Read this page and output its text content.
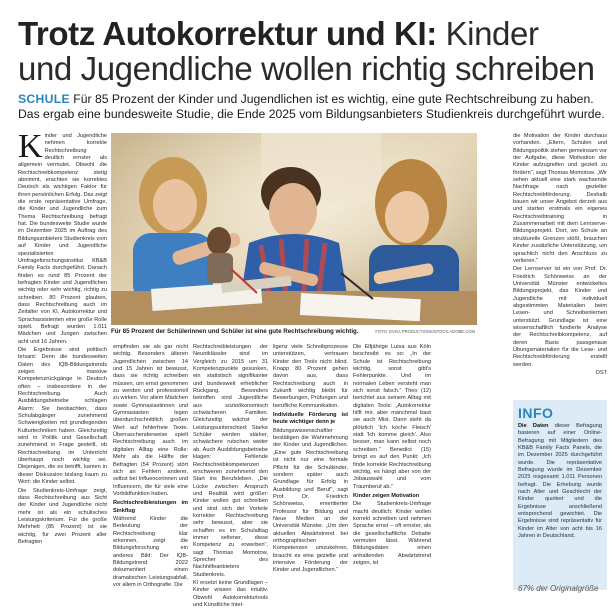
Trotz Autokorrektur und KI: Kinder
und Jugendliche wollen richtig schreiben
SCHULE Für 85 Prozent der Kinder und Jugendlichen ist es wichtig, eine gute Rechtschreibung zu haben. Das ergab eine bundesweite Studie, die Ende 2025 vom Bildungsanbieters Studienkreis durchgeführt wurde.

Kinder und Jugendliche nehmen korrekte Rechtschreibung deutlich ernster als allgemein vermutet. Obwohl die Rechtschreibkompetenz stetig abnimmt, erachten sie korrektes Deutsch als wichtigen Faktor für ihren persönlichen Erfolg. Das zeigt die erste repräsentative Umfrage, die Kinder und Jugendliche zum Thema Rechtschreibung befragt hat. Die bundesweite Studie wurde im Dezember 2025 im Auftrag des Bildungsanbieters Studienkreis vom auf Kinder und Jugendliche spezialisierten Umfrageforschungsinstitut KB&B Family Facts durchgeführt. Danach finden es rund 85 Prozent der befragten Kinder und Jugendlichen wichtig oder sehr wichtig, richtig zu schreiben. 80 Prozent glauben, dass Rechtschreibung auch im Zeitalter von KI, Autokorrektur und Sprachassistenten eine große Rolle spielt. Befragt wurden 1.011 Mädchen und Jungen zwischen acht und 16 Jahren.

Die Ergebnisse sind politisch brisant: Denn die bundesweiten Daten des IQB-Bildungstrends zeigen massive Kompetenzrückgänge in Deutsch often – insbesondere in der Rechtschreibung. Auch Ausbildungsbetriebe schlagen Alarm: Sie beobachten, dass Schulabgänger zunehmend Schwierigkeiten mit grundlegenden Kulturtechniken haben. Gleichzeitig wird in Politik und Gesellschaft zunehmend in Frage gestellt, ob Rechtschreibung im Unterricht überhaupt noch wichtig sei. Diejenigen, die es betrifft, kamen in dieser Diskussion bislang kaum zu Wort: die Kinder selbst.

Die Studienkreis-Umfrage zeigt, dass Rechtschreibung aus Sicht der Kinder und Jugendliche nicht mehr ist als ein schulisches Leistungskriterium. Für die große Mehrheit (85 Prozent) ist sie wichtig, für zwei Prozent aller Befragten

Für 85 Prozent der Schülerinnen und Schüler ist eine gute Rechtschreibung wichtig.	FOTO: EVGA PRODUCTIONS/STOCK.ADOBE.COM

die Motivation der Kinder durchaus vorhanden. „Eltern, Schulen und Bildungspolitik stehen gemeinsam vor der Aufgabe, diese Motivation der Kinder aufzugreifen und gezielt zu fördern“, sagt Thomas Momotow. „Wir sehen aktuell eine stark wachsende Nachfrage nach gezielter Rechtschreibförderung. Deshalb bauen wir unser Angebot derzeit aus und starten erstmals ein eigenes Rechtschreibtraining in Zusammenarbeit mit dem Lernserve-Bildungsprojekt. Dort, wo Schule an strukturelle Grenzen stößt, brauchen Kinder zusätzliche Unterstützung, um sprachlich nicht den Anschluss zu verlieren.“

Der Lernserver ist ein von Prof. Dr. Friedrich Schönweiss an der Universität Münster entwickeltes Bildungsprojekt, das Kinder und Jugendliche mit individuell abgestimmten Materialien beim Lesen- und Schreibenlernen unterstützt. Grundlage ist eine wissenschaftlich fundierte Analyse der Rechtschreibkompetenz, auf deren Basis passgenaue Übungsmaterialien für die Lese- und Rechtschreibförderung erstellt werden.

OST

empfinden sie als gar nicht wichtig. Besonders älteren Jugendlichen zwischen 14 und 15 Jahren ist bewusst, dass sie richtig schreiben müssen, um ernst genommen zu werden und professionell zu wirken. Vor allem Mädchen sowie Gymnasiastinnen und Gymnasiasten legen überdurchschnittlich großen Wert auf fehlerfreie Texte. Überraschenderweise spielt Rechtschreibung auch im digitalen Alltag eine Rolle: Mehr als die Hälfte der Befragten (54 Prozent) stört sich an Fehlern anderer, selbst bei Influencerinnen und Influencern, die für viele eine Vorbildfunktion haben.

Rechtschreibleistungen im Sinkflug

Während Kinder die Bedeutung der Rechtschreibung klar erkennen, zeigt die Bildungsforschung ein anderes Bild: Der IQB-Bildungstrend 2022 dokumentiert einen dramatischen Leistungsabfall, vor allem in Orthografie. Die

Rechtschreibleistungen der Neuntklässler sind im Vergleich zu 2015 um 31 Kompetenzpunkte gesunken, ein statistisch signifikanter und bundesweit erheblicher Rückgang. Besonders betroffen sind Jugendliche aus sozioökonomisch schwächeren Familien. Gleichzeitig wächst der Leistungsunterschied: Starke Schüler werden stärker, schwächere rutschen weiter ab. Auch Ausbildungsbetriebe klagen: Fehlende Rechtschreibkompetenzen erschweren zunehmend den Start ins Berufsleben. „Die Lücke zwischen Anspruch und Realität wird größer: Kinder wollen gut schreiben und sind sich der Vorteile korrekter Rechtschreibung sehr bewusst, aber sie schaffen es im Schulalltag immer seltener, diese Kompetenz zu erwerben“, sagt Thomas Momotow, Sprecher des Nachhilfeanbieters Studienkreis.

KI ersetzt keine Grundlagen – Kinder wissen das intuitiv. Obwohl Autokorrekturtools und Künstliche Intel-

ligenz viele Schreibprozesse unterstützen, vertrauen Kinder den Tools nicht blind. Knapp 80 Prozent gehen davon aus, dass Rechtschreibung auch in Zukunft wichtig bleibt für Bewerbungen, Prüfungen und berufliche Kommunikation.

Individuelle Förderung ist heute wichtiger denn je

Bildungswissenschaftler bestätigen die Wahrnehmung der Kinder und Jugendlichen. „Eine gute Rechtschreibung ist nicht nur eine formale Pflicht für die Schulkinder, sondern später auch Grundlage für Erfolg in Ausbildung und Beruf“, sagt Prof. Dr. Friedrich Schönweiss, emeritierter Professor für Bildung und Neue Medien an der Universität Münster. „Um den aktuellen Abwärtstrend bei orthographischen Kompetenzen umzukehren, braucht es eine gezielte und intensive Förderung der Kinder und Jugendlichen.“

Die Elfjährige Luisa aus Köln beschreibt es so: „In der Schule ist Rechtschreibung wichtig, sonst gibt's Fehlerpunkte. Und im normalen Leben versteht man sich sonst falsch.“ Theo (12) berichtet aus seinem Alltag mit digitalen Tools: „Autokorrektur hilft mir, aber manchmal baut sie auch Mist. Dann steht da plötzlich 'Ich koche Fleisch' statt 'Ich komme gleich'. Also besser, man kann selbst noch schreiben.“ Benedict (15) bringt es auf den Punkt: „Ich finde korrekte Rechtschreibung wichtig, es hängt aber von der Jobauswahl und vom Traumberuf ab.“

Kinder zeigen Motivation

Die Studienkreis-Umfrage macht deutlich: Kinder wollen korrekt schreiben und nehmen Sprache ernst – oft ernster, als die gesellschaftliche Debatte vermuten lässt. Während Bildungsdaten einen anhaltenden Abwärtstrend zeigen, ist

INFO
Die Daten dieser Befragung basieren auf einer Online-Befragung mit Mitgliedern des KB&B Family Facts Panels, die im Dezember 2025 durchgeführt wurde. Die repräsentative Befragung wurde im Dezember 2025 insgesamt 1.011 Personen befragt. Die Erhebung wurde nach Alter und Geschlecht der Kinder quotiert und die Ergebnisse anschließend entsprechend gewichtet. Die Ergebnisse sind repräsentativ für Kinder im Alter von acht bis 16 Jahren in Deutschland.
67% der Originalgröße
